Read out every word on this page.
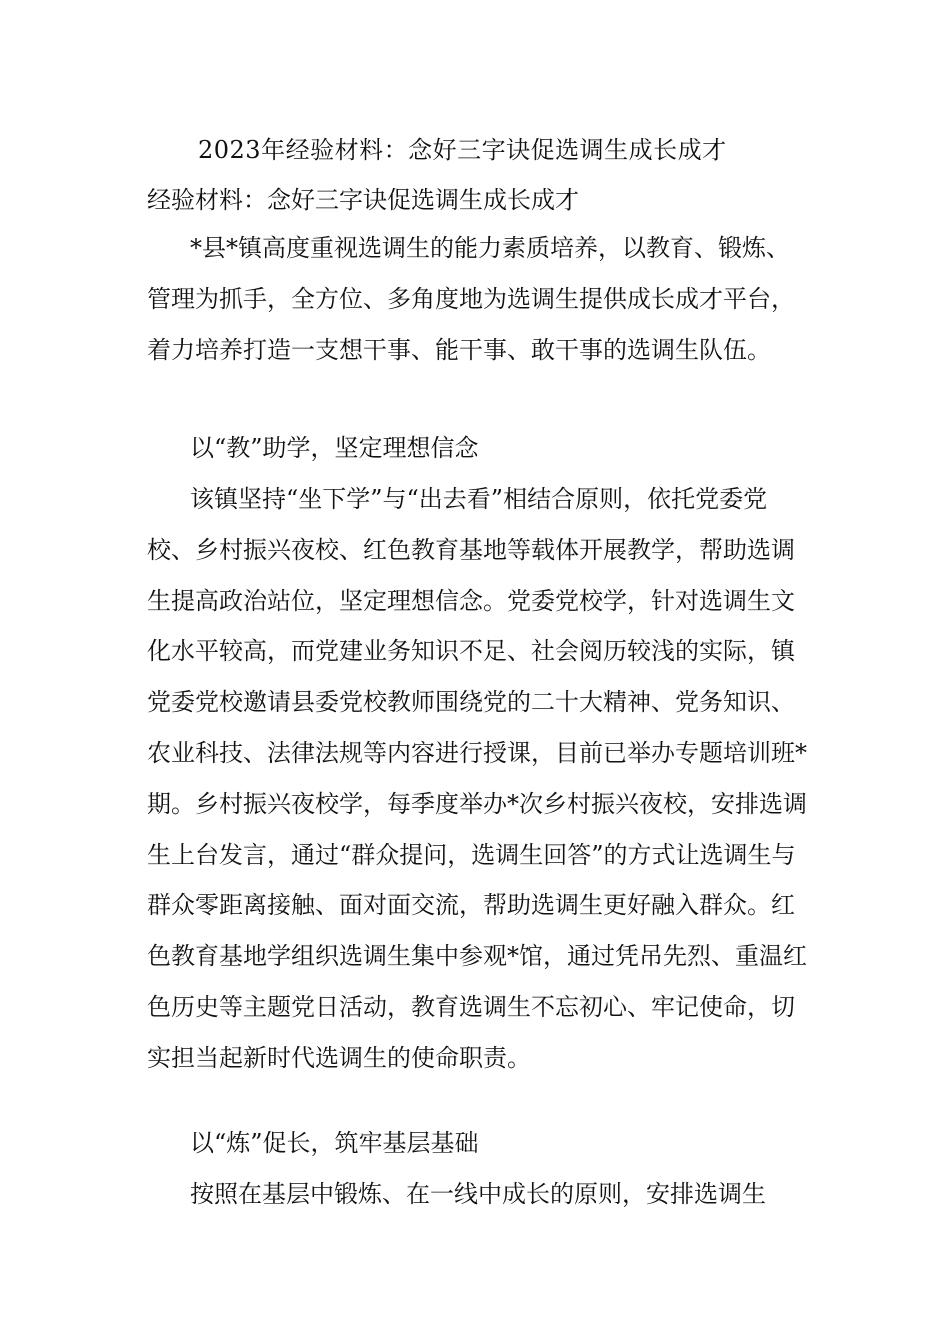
2023年经验材料：念好三字诀促选调生成长成才
经验材料：念好三字诀促选调生成长成才

*县*镇高度重视选调生的能力素质培养，以教育、锻炼、管理为抓手，全方位、多角度地为选调生提供成长成才平台，着力培养打造一支想干事、能干事、敢干事的选调生队伍。

以“教”助学，坚定理想信念

该镇坚持“坐下学”与“出去看”相结合原则，依托党委党校、乡村振兴夜校、红色教育基地等载体开展教学，帮助选调生提高政治站位，坚定理想信念。党委党校学，针对选调生文化水平较高，而党建业务知识不足、社会阅历较浅的实际，镇党委党校邀请县委党校教师围绕党的二十大精神、党务知识、农业科技、法律法规等内容进行授课，目前已举办专题培训班*期。乡村振兴夜校学，每季度举办*次乡村振兴夜校，安排选调生上台发言，通过“群众提问，选调生回答”的方式让选调生与群众零距离接触、面对面交流，帮助选调生更好融入群众。红色教育基地学组织选调生集中参观*馆，通过凭吊先烈、重温红色历史等主题党日活动，教育选调生不忘初心、牢记使命，切实担当起新时代选调生的使命职责。

以“炼”促长，筑牢基层基础

按照在基层中锻炼、在一线中成长的原则，安排选调生
